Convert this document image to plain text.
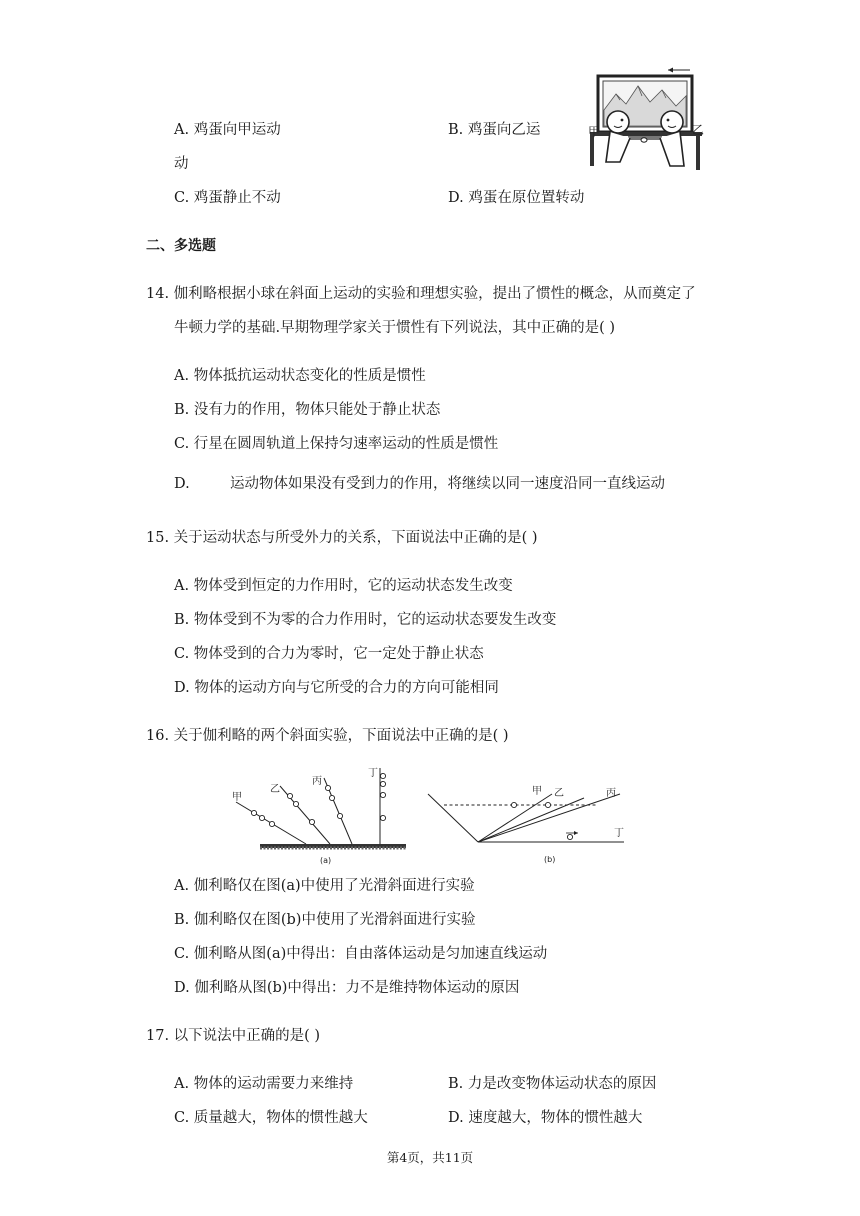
A. 鸡蛋向甲运动	B. 鸡蛋向乙运
动
C. 鸡蛋静止不动	D. 鸡蛋在原位置转动
甲	乙
二、多选题
14. 伽利略根据小球在斜面上运动的实验和理想实验，提出了惯性的概念，从而奠定了
牛顿力学的基础.早期物理学家关于惯性有下列说法，其中正确的是( )
A. 物体抵抗运动状态变化的性质是惯性
B. 没有力的作用，物体只能处于静止状态
C. 行星在圆周轨道上保持匀速率运动的性质是惯性
D.	运动物体如果没有受到力的作用，将继续以同一速度沿同一直线运动
15. 关于运动状态与所受外力的关系，下面说法中正确的是( )
A. 物体受到恒定的力作用时，它的运动状态发生改变
B. 物体受到不为零的合力作用时，它的运动状态要发生改变
C. 物体受到的合力为零时，它一定处于静止状态
D. 物体的运动方向与它所受的合力的方向可能相同
16. 关于伽利略的两个斜面实验，下面说法中正确的是( )
甲
乙
丙
丁
(a)
甲 乙	丙
丁
(b)
A. 伽利略仅在图(a)中使用了光滑斜面进行实验
B. 伽利略仅在图(b)中使用了光滑斜面进行实验
C. 伽利略从图(a)中得出：自由落体运动是匀加速直线运动
D. 伽利略从图(b)中得出：力不是维持物体运动的原因
17. 以下说法中正确的是( )
A. 物体的运动需要力来维持	B. 力是改变物体运动状态的原因
C. 质量越大，物体的惯性越大	D. 速度越大，物体的惯性越大
第4页，共11页
